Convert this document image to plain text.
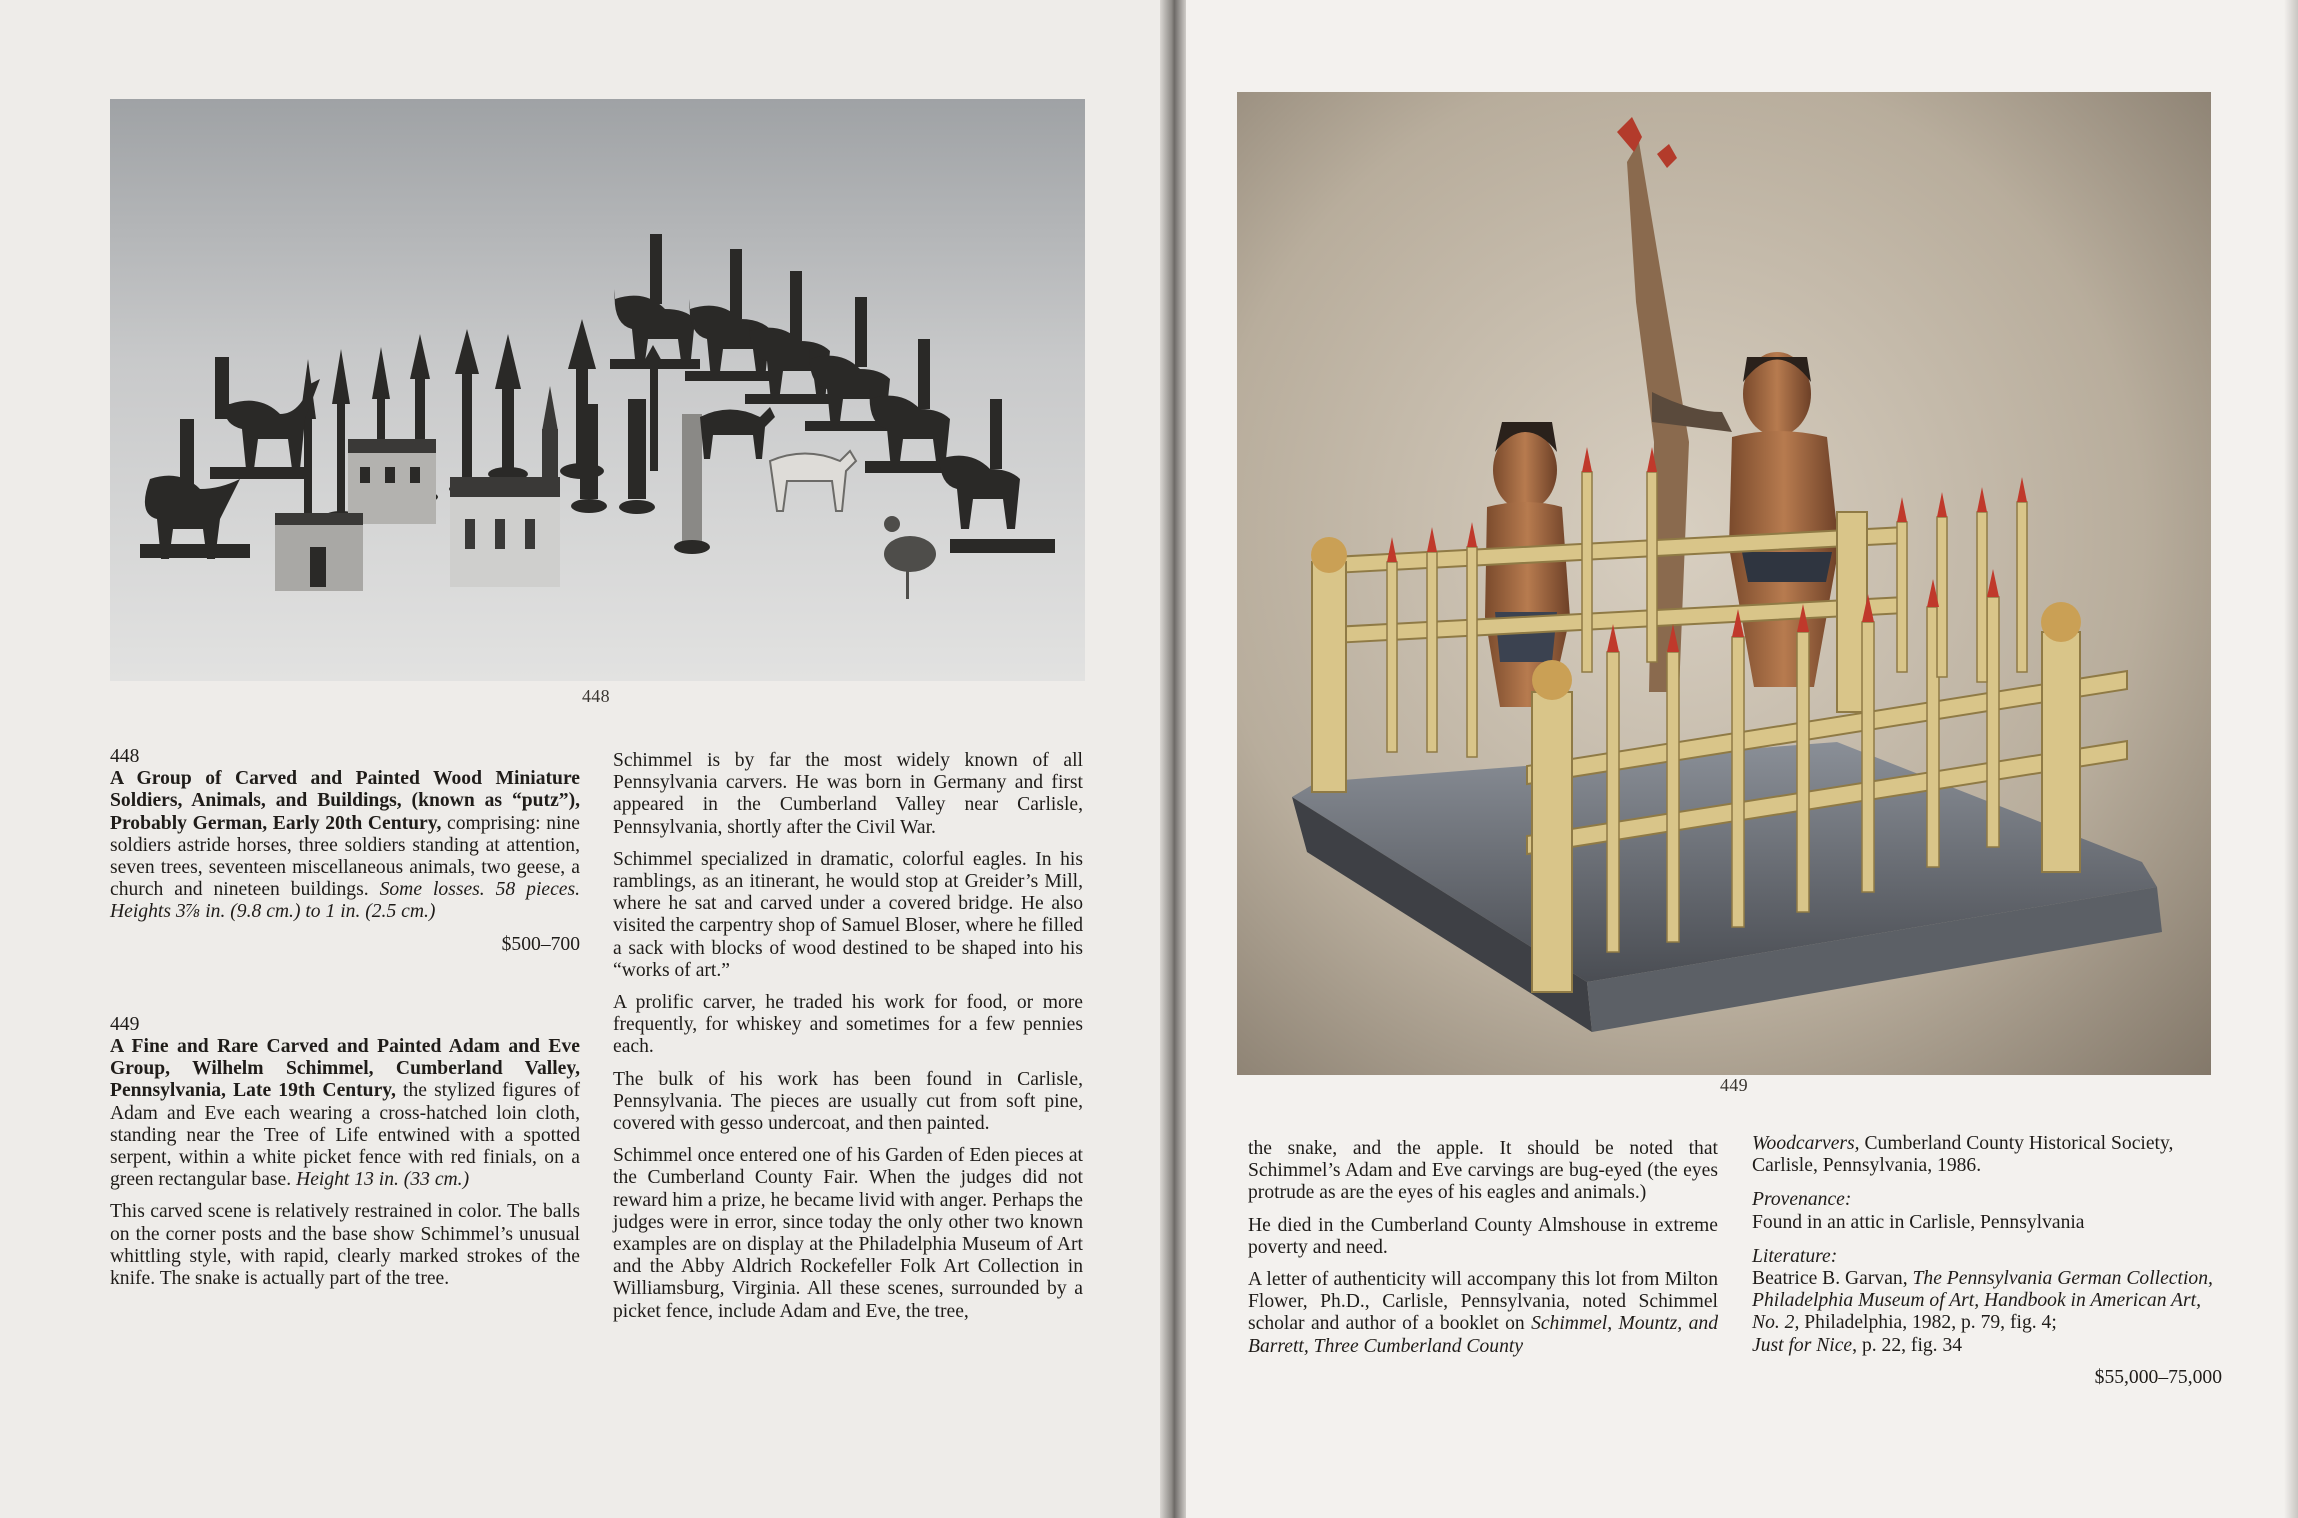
448
449
448

A Group of Carved and Painted Wood Miniature Soldiers, Animals, and Buildings, (known as “putz”), Probably German, Early 20th Century, comprising: nine soldiers astride horses, three soldiers standing at attention, seven trees, seventeen miscellaneous animals, two geese, a church and nineteen buildings. Some losses. 58 pieces. Heights 3⅞ in. (9.8 cm.) to 1 in. (2.5 cm.)

$500–700
449

A Fine and Rare Carved and Painted Adam and Eve Group, Wilhelm Schimmel, Cumberland Valley, Pennsylvania, Late 19th Century, the stylized figures of Adam and Eve each wearing a cross-hatched loin cloth, standing near the Tree of Life entwined with a spotted serpent, within a white picket fence with red finials, on a green rectangular base. Height 13 in. (33 cm.)

This carved scene is relatively restrained in color. The balls on the corner posts and the base show Schimmel’s unusual whittling style, with rapid, clearly marked strokes of the knife. The snake is actually part of the tree.

Schimmel is by far the most widely known of all Pennsylvania carvers. He was born in Germany and first appeared in the Cumberland Valley near Carlisle, Pennsylvania, shortly after the Civil War.

Schimmel specialized in dramatic, colorful eagles. In his ramblings, as an itinerant, he would stop at Greider’s Mill, where he sat and carved under a covered bridge. He also visited the carpentry shop of Samuel Bloser, where he filled a sack with blocks of wood destined to be shaped into his “works of art.”

A prolific carver, he traded his work for food, or more frequently, for whiskey and sometimes for a few pennies each.

The bulk of his work has been found in Carlisle, Pennsylvania. The pieces are usually cut from soft pine, covered with gesso undercoat, and then painted.

Schimmel once entered one of his Garden of Eden pieces at the Cumberland County Fair. When the judges did not reward him a prize, he became livid with anger. Perhaps the judges were in error, since today the only other two known examples are on display at the Philadelphia Museum of Art and the Abby Aldrich Rockefeller Folk Art Collection in Williamsburg, Virginia. All these scenes, surrounded by a picket fence, include Adam and Eve, the tree,

the snake, and the apple. It should be noted that Schimmel’s Adam and Eve carvings are bug-eyed (the eyes protrude as are the eyes of his eagles and animals.)

He died in the Cumberland County Almshouse in extreme poverty and need.

A letter of authenticity will accompany this lot from Milton Flower, Ph.D., Carlisle, Pennsylvania, noted Schimmel scholar and author of a booklet on Schimmel, Mountz, and Barrett, Three Cumberland County

Woodcarvers, Cumberland County Historical Society, Carlisle, Pennsylvania, 1986.

Provenance:

Found in an attic in Carlisle, Pennsylvania

Literature:

Beatrice B. Garvan, The Pennsylvania German Collection, Philadelphia Museum of Art, Handbook in American Art, No. 2, Philadelphia, 1982, p. 79, fig. 4;
Just for Nice, p. 22, fig. 34

$55,000–75,000
